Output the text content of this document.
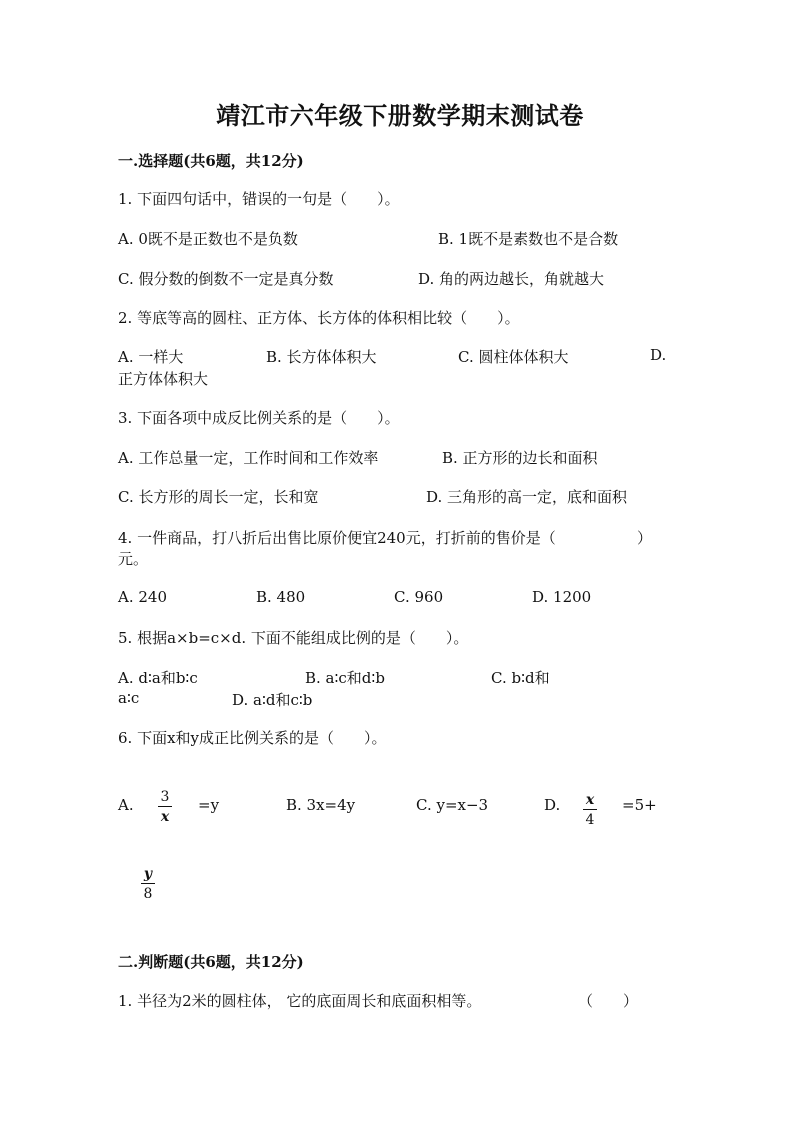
靖江市六年级下册数学期末测试卷
一.选择题(共6题，共12分)
1. 下面四句话中，错误的一句是（　　）。
A. 0既不是正数也不是负数	B. 1既不是素数也不是合数
C. 假分数的倒数不一定是真分数	D. 角的两边越长，角就越大
2. 等底等高的圆柱、正方体、长方体的体积相比较（　　）。
A. 一样大	B. 长方体体积大	C. 圆柱体体积大	D.
正方体体积大
3. 下面各项中成反比例关系的是（　　）。
A. 工作总量一定，工作时间和工作效率	B. 正方形的边长和面积
C. 长方形的周长一定，长和宽	D. 三角形的高一定，底和面积
4. 一件商品，打八折后出售比原价便宜240元，打折前的售价是（	）
元。
A. 240	B. 480	C. 960	D. 1200
5. 根据a×b=c×d. 下面不能组成比例的是（　　）。
A. d∶a和b∶c	B. a∶c和d∶b	C. b∶d和
a∶c	D. a∶d和c∶b
6. 下面x和y成正比例关系的是（　　）。
A. 3
x
=y	B. 3x=4y	C. y=x−3	D. x
4
=5+
y
8
二.判断题(共6题，共12分)
1. 半径为2米的圆柱体， 它的底面周长和底面积相等。	（　　）
